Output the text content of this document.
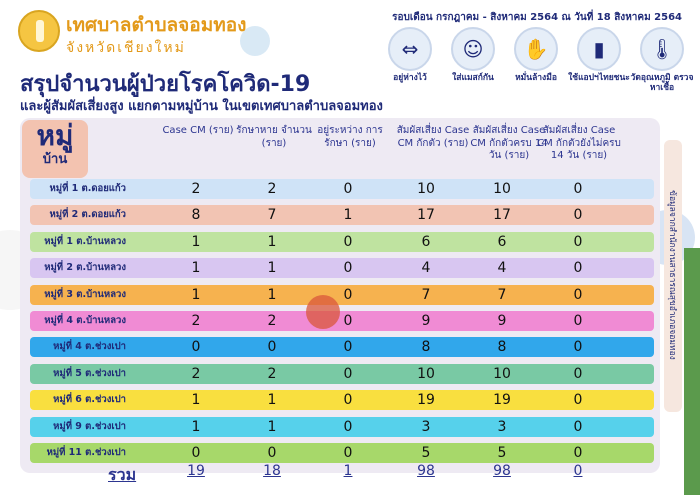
เทศบาลตำบลจอมทอง
จังหวัดเชียงใหม่
สรุปจำนวนผู้ป่วยโรคโควิด-19
และผู้สัมผัสเสี่ยงสูง แยกตามหมู่บ้าน ในเขตเทศบาลตำบลจอมทอง
รอบเดือน กรกฎาคม - สิงหาคม 2564 ณ วันที่ 18 สิงหาคม 2564
⇔
อยู่ห่างไว้
☺
ใส่แมสก์กัน
✋
หมั่นล้างมือ
▮
ใช้แอปฯไทยชนะ
🌡
วัดอุณหภูมิ ตรวจหาเชื้อ
หมู่
บ้าน
Case CM (ราย) รักษาหาย จำนวน (ราย)
อยู่ระหว่าง การรักษา (ราย)
สัมผัสเสี่ยง Case CM กักตัว (ราย)
สัมผัสเสี่ยง Case CM กักตัวครบ 14 วัน (ราย)
สัมผัสเสี่ยง Case CM กักตัวยังไม่ครบ 14 วัน (ราย)
หมู่ที่ 1 ต.ดอยแก้ว	2	2	0	10	10	0
หมู่ที่ 2 ต.ดอยแก้ว	8	7	1	17	17	0
หมู่ที่ 1 ต.บ้านหลวง	1	1	0	6	6	0
หมู่ที่ 2 ต.บ้านหลวง	1	1	0	4	4	0
หมู่ที่ 3 ต.บ้านหลวง	1	1	0	7	7	0
หมู่ที่ 4 ต.บ้านหลวง	2	2	0	9	9	0
หมู่ที่ 4 ต.ช่วงเปา	0	0	0	8	8	0
หมู่ที่ 5 ต.ช่วงเปา	2	2	0	10	10	0
หมู่ที่ 6 ต.ช่วงเปา	1	1	0	19	19	0
หมู่ที่ 9 ต.ช่วงเปา	1	1	0	3	3	0
หมู่ที่ 11 ต.ช่วงเปา	0	0	0	5	5	0
รวม	19	18	1	98	98	0
ข้อมูลจากสำนักงานสาธารณสุขอำเภอจอมทอง
